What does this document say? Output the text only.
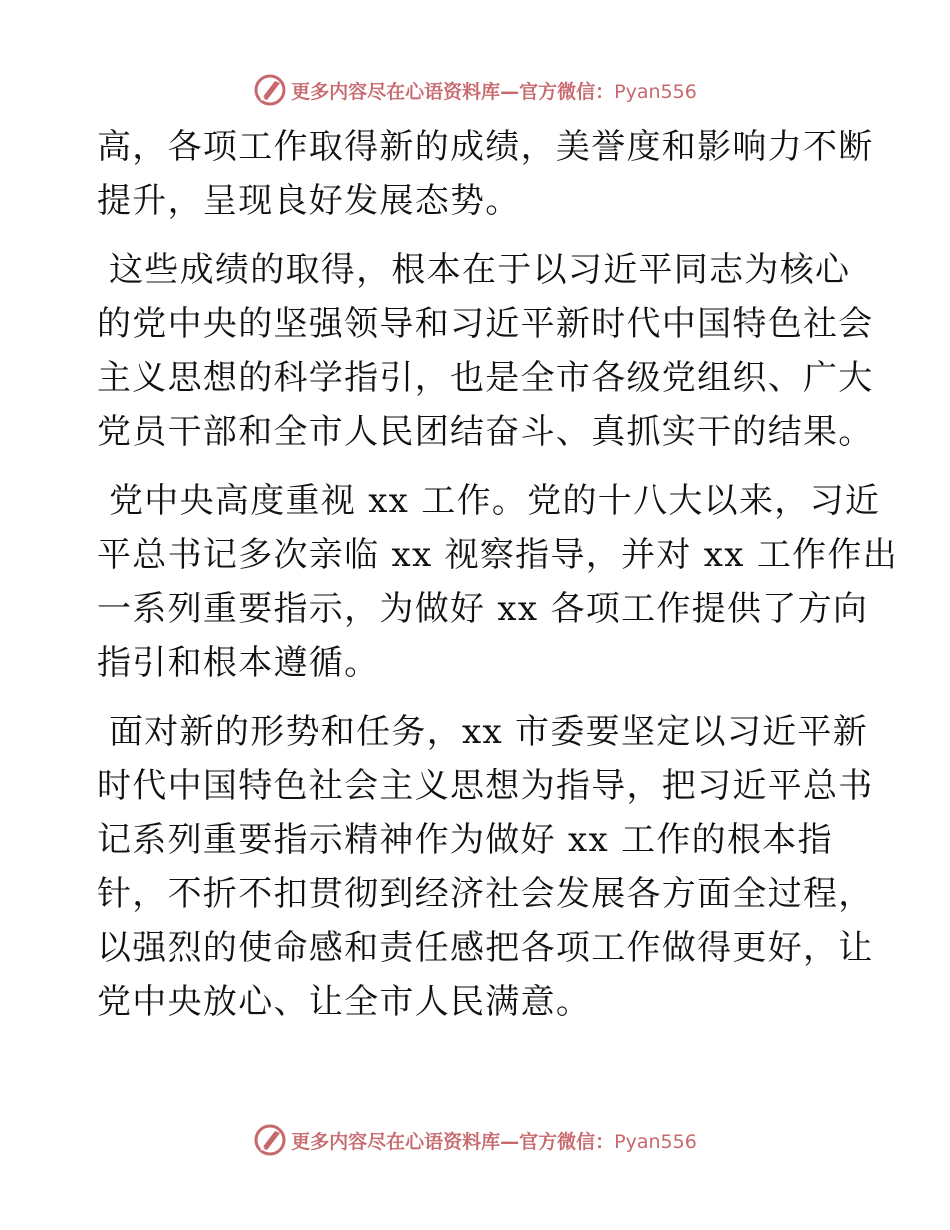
更多内容尽在心语资料库—官方微信：Pyan556

高，各项工作取得新的成绩，美誉度和影响力不断
提升，呈现良好发展态势。

这些成绩的取得，根本在于以习近平同志为核心
的党中央的坚强领导和习近平新时代中国特色社会
主义思想的科学指引，也是全市各级党组织、广大
党员干部和全市人民团结奋斗、真抓实干的结果。

党中央高度重视 xx 工作。党的十八大以来，习近
平总书记多次亲临 xx 视察指导，并对 xx 工作作出
一系列重要指示，为做好 xx 各项工作提供了方向
指引和根本遵循。

面对新的形势和任务，xx 市委要坚定以习近平新
时代中国特色社会主义思想为指导，把习近平总书
记系列重要指示精神作为做好 xx 工作的根本指
针，不折不扣贯彻到经济社会发展各方面全过程，
以强烈的使命感和责任感把各项工作做得更好，让
党中央放心、让全市人民满意。

更多内容尽在心语资料库—官方微信：Pyan556
